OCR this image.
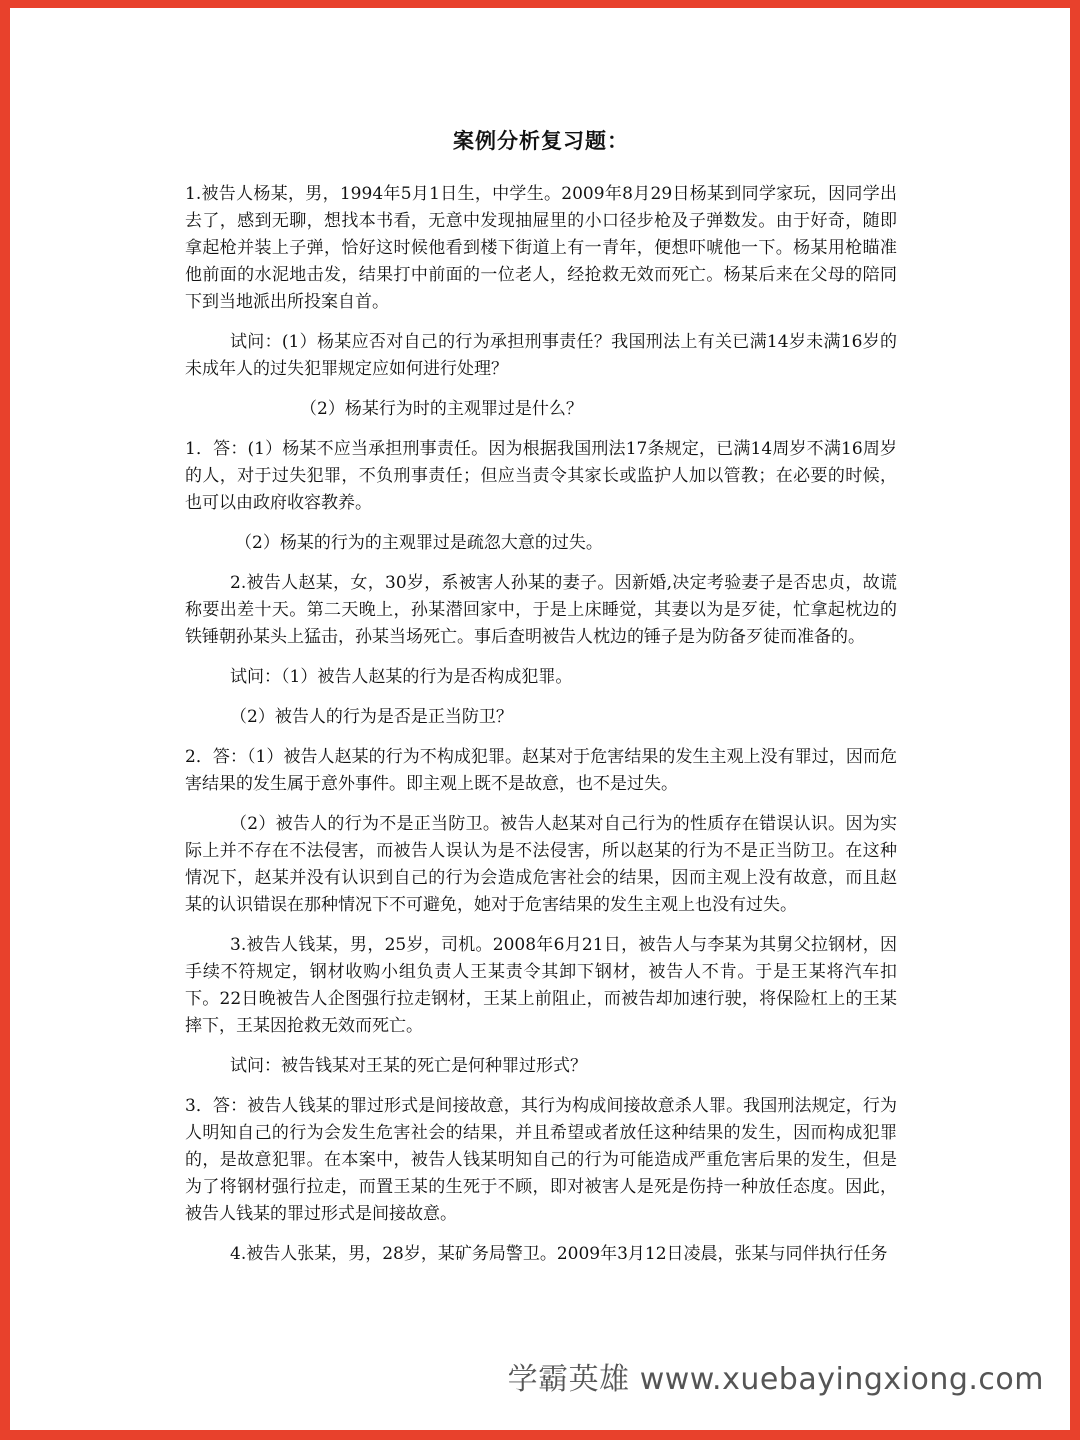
案例分析复习题：

1.被告人杨某，男，1994年5月1日生，中学生。2009年8月29日杨某到同学家玩，因同学出去了，感到无聊，想找本书看，无意中发现抽屉里的小口径步枪及子弹数发。由于好奇，随即拿起枪并装上子弹，恰好这时候他看到楼下街道上有一青年，便想吓唬他一下。杨某用枪瞄准他前面的水泥地击发，结果打中前面的一位老人，经抢救无效而死亡。杨某后来在父母的陪同下到当地派出所投案自首。

试问：(1）杨某应否对自己的行为承担刑事责任？我国刑法上有关已满14岁未满16岁的未成年人的过失犯罪规定应如何进行处理？

（2）杨某行为时的主观罪过是什么？

1．答：(1）杨某不应当承担刑事责任。因为根据我国刑法17条规定，已满14周岁不满16周岁的人，对于过失犯罪，不负刑事责任；但应当责令其家长或监护人加以管教；在必要的时候，也可以由政府收容教养。

（2）杨某的行为的主观罪过是疏忽大意的过失。

2.被告人赵某，女，30岁，系被害人孙某的妻子。因新婚,决定考验妻子是否忠贞，故谎称要出差十天。第二天晚上，孙某潜回家中，于是上床睡觉，其妻以为是歹徒，忙拿起枕边的铁锤朝孙某头上猛击，孙某当场死亡。事后查明被告人枕边的锤子是为防备歹徒而准备的。

试问：（1）被告人赵某的行为是否构成犯罪。

（2）被告人的行为是否是正当防卫？

2．答：（1）被告人赵某的行为不构成犯罪。赵某对于危害结果的发生主观上没有罪过，因而危害结果的发生属于意外事件。即主观上既不是故意，也不是过失。

（2）被告人的行为不是正当防卫。被告人赵某对自己行为的性质存在错误认识。因为实际上并不存在不法侵害，而被告人误认为是不法侵害，所以赵某的行为不是正当防卫。在这种情况下，赵某并没有认识到自己的行为会造成危害社会的结果，因而主观上没有故意，而且赵某的认识错误在那种情况下不可避免，她对于危害结果的发生主观上也没有过失。

3.被告人钱某，男，25岁，司机。2008年6月21日，被告人与李某为其舅父拉钢材，因手续不符规定，钢材收购小组负责人王某责令其卸下钢材，被告人不肯。于是王某将汽车扣下。22日晚被告人企图强行拉走钢材，王某上前阻止，而被告却加速行驶，将保险杠上的王某摔下，王某因抢救无效而死亡。

试问：被告钱某对王某的死亡是何种罪过形式？

3．答：被告人钱某的罪过形式是间接故意，其行为构成间接故意杀人罪。我国刑法规定，行为人明知自己的行为会发生危害社会的结果，并且希望或者放任这种结果的发生，因而构成犯罪的，是故意犯罪。在本案中，被告人钱某明知自己的行为可能造成严重危害后果的发生，但是为了将钢材强行拉走，而置王某的生死于不顾，即对被害人是死是伤持一种放任态度。因此，被告人钱某的罪过形式是间接故意。

4.被告人张某，男，28岁，某矿务局警卫。2009年3月12日凌晨，张某与同伴执行任务

学霸英雄 www.xuebayingxiong.com
